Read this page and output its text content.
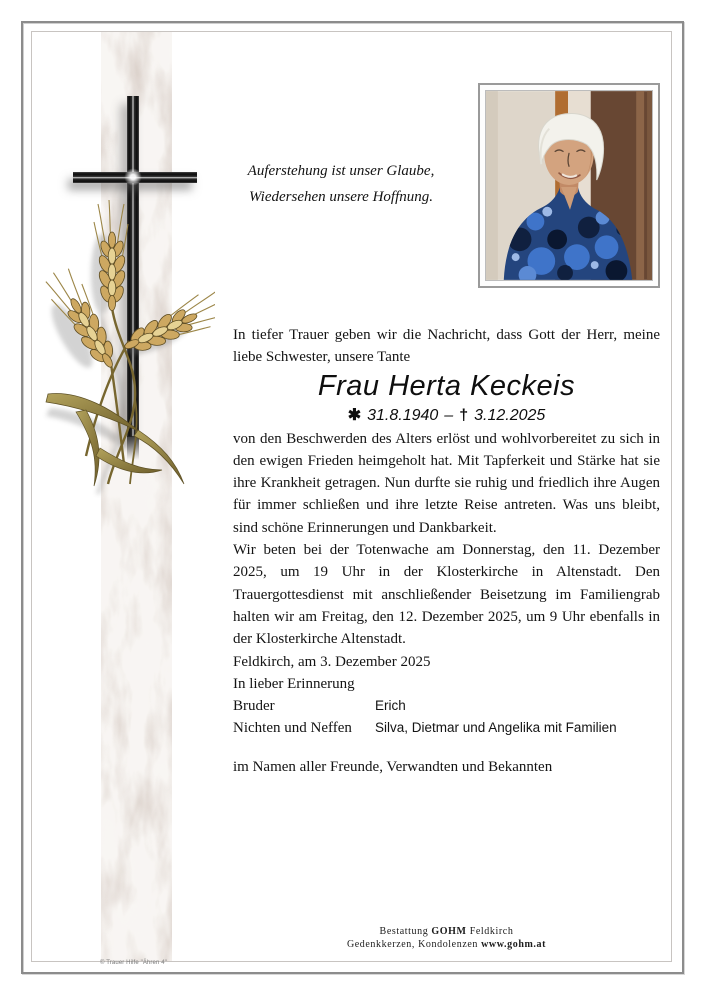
Auferstehung ist unser Glaube,
Wiedersehen unsere Hoffnung.

In tiefer Trauer geben wir die Nachricht, dass Gott der Herr, meine liebe Schwester, unsere Tante

Frau Herta Keckeis

✱ 31.8.1940 – † 3.12.2025

von den Beschwerden des Alters erlöst und wohlvorbereitet zu sich in den ewigen Frieden heimgeholt hat. Mit Tapferkeit und Stärke hat sie ihre Krankheit getragen. Nun durfte sie ruhig und friedlich ihre Augen für immer schließen und ihre letzte Reise antreten. Was uns bleibt, sind schöne Erinnerungen und Dankbarkeit.

Wir beten bei der Totenwache am Donnerstag, den 11. Dezember 2025, um 19 Uhr in der Klosterkirche in Altenstadt. Den Trauergottesdienst mit anschließender Beisetzung im Familiengrab halten wir am Freitag, den 12. Dezember 2025, um 9 Uhr ebenfalls in der Klosterkirche Altenstadt.

Feldkirch, am 3. Dezember 2025

In lieber Erinnerung

Bruder	Erich
Nichten und Neffen	Silva, Dietmar und Angelika mit Familien

im Namen aller Freunde, Verwandten und Bekannten

Bestattung GOHM Feldkirch
Gedenkkerzen, Kondolenzen www.gohm.at
© Trauer Hilfe "Ähren 4"
